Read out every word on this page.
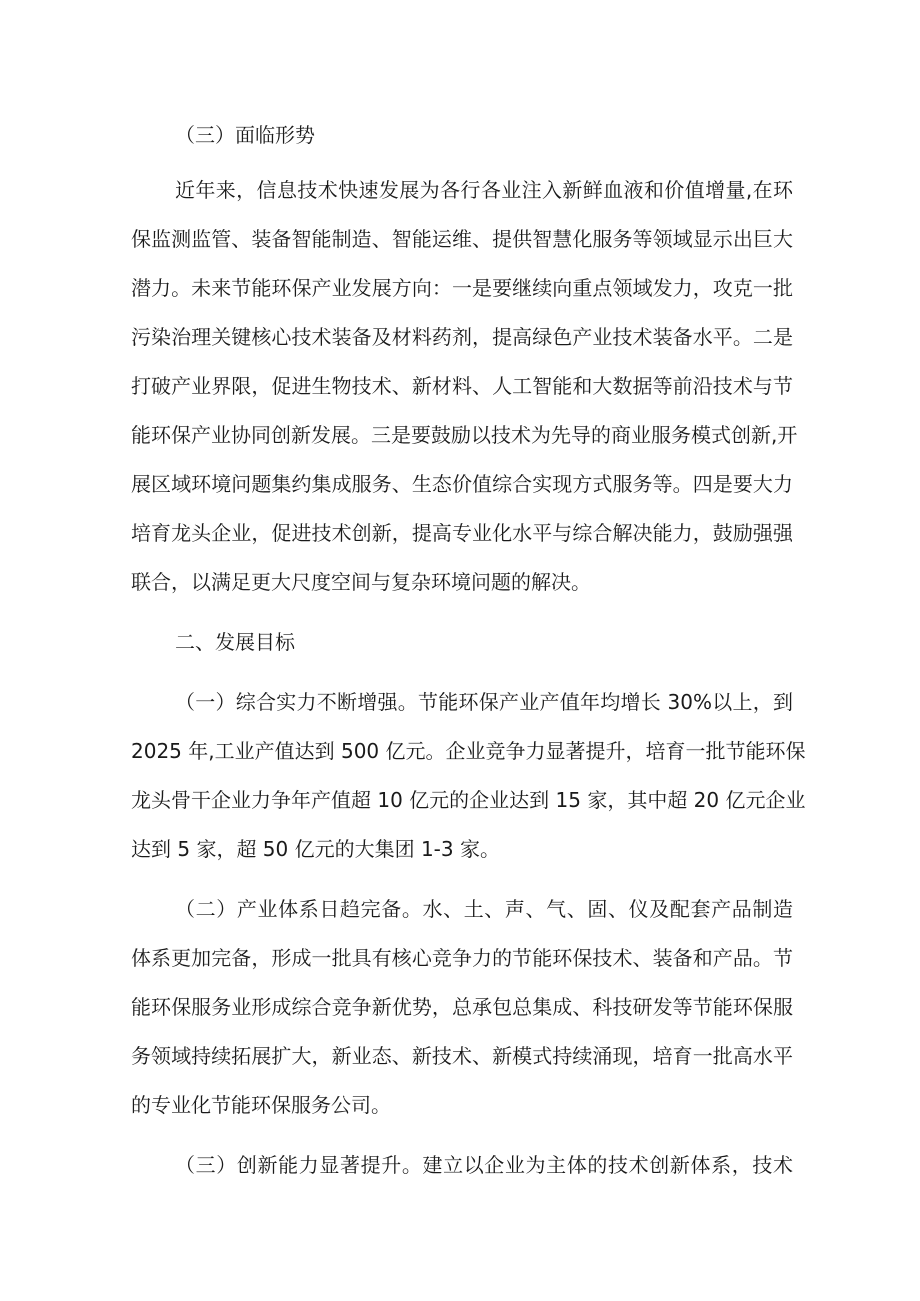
（三）面临形势
近年来，信息技术快速发展为各行各业注入新鲜血液和价值增量,在环
保监测监管、装备智能制造、智能运维、提供智慧化服务等领域显示出巨大
潜力。未来节能环保产业发展方向：一是要继续向重点领域发力，攻克一批
污染治理关键核心技术装备及材料药剂，提高绿色产业技术装备水平。二是
打破产业界限，促进生物技术、新材料、人工智能和大数据等前沿技术与节
能环保产业协同创新发展。三是要鼓励以技术为先导的商业服务模式创新,开
展区域环境问题集约集成服务、生态价值综合实现方式服务等。四是要大力
培育龙头企业，促进技术创新，提高专业化水平与综合解决能力，鼓励强强
联合，以满足更大尺度空间与复杂环境问题的解决。
二、发展目标
（一）综合实力不断增强。节能环保产业产值年均增长 30%以上，到
2025 年,工业产值达到 500 亿元。企业竞争力显著提升，培育一批节能环保
龙头骨干企业力争年产值超 10 亿元的企业达到 15 家，其中超 20 亿元企业
达到 5 家，超 50 亿元的大集团 1-3 家。
（二）产业体系日趋完备。水、土、声、气、固、仪及配套产品制造
体系更加完备，形成一批具有核心竞争力的节能环保技术、装备和产品。节
能环保服务业形成综合竞争新优势，总承包总集成、科技研发等节能环保服
务领域持续拓展扩大，新业态、新技术、新模式持续涌现，培育一批高水平
的专业化节能环保服务公司。
（三）创新能力显著提升。建立以企业为主体的技术创新体系，技术
